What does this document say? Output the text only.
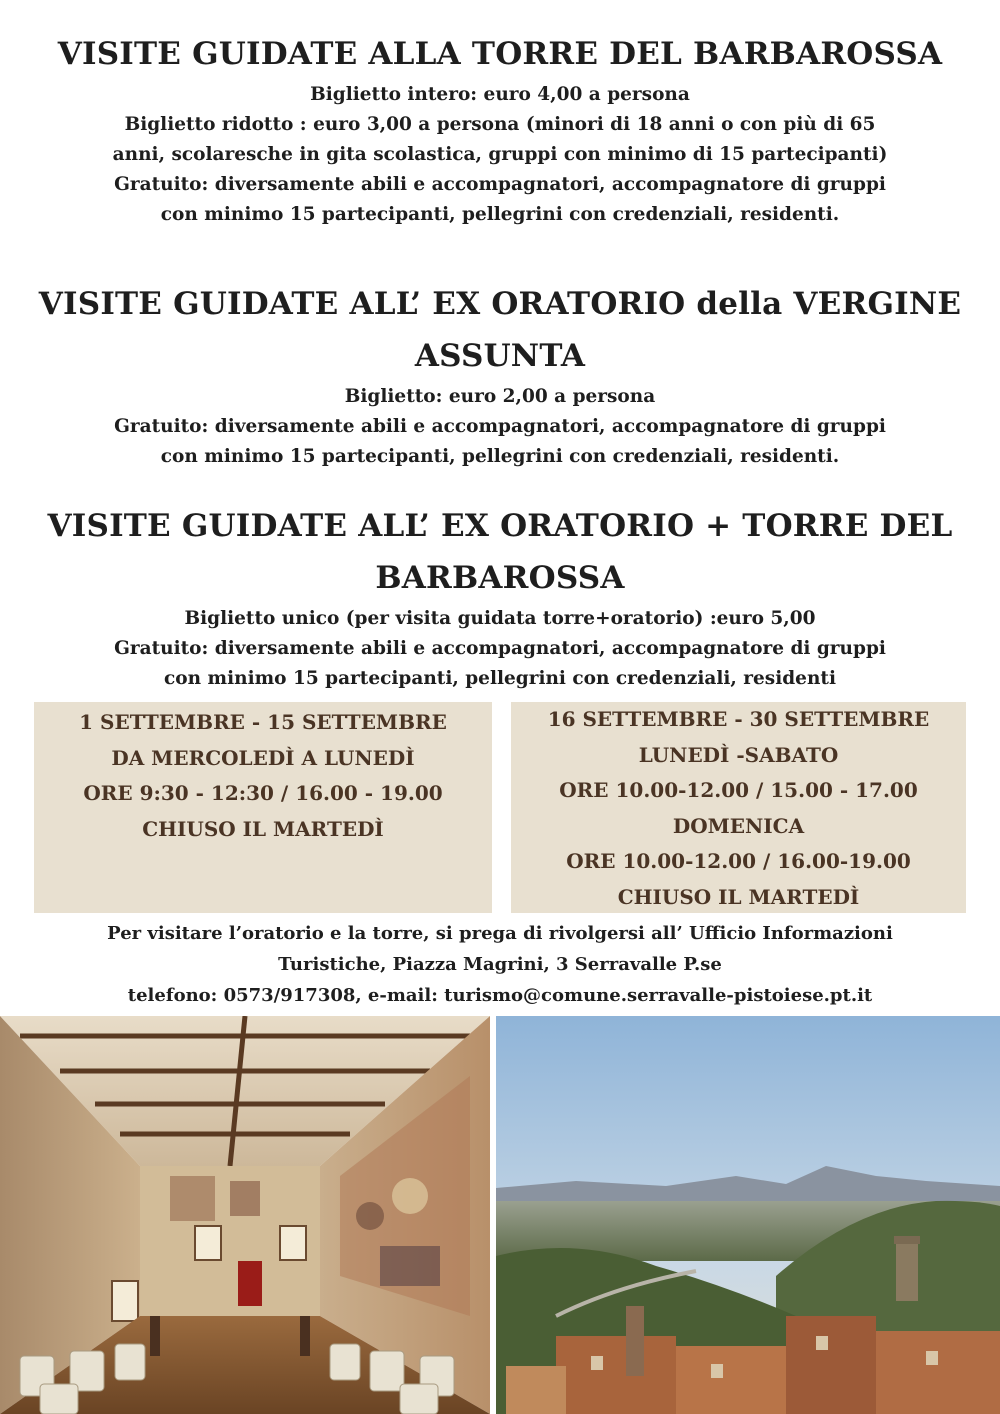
VISITE GUIDATE ALLA TORRE DEL BARBAROSSA
Biglietto intero: euro 4,00 a persona
Biglietto ridotto : euro 3,00 a persona (minori di 18 anni o con più di 65
anni, scolaresche in gita scolastica, gruppi con minimo di 15 partecipanti)
Gratuito: diversamente abili e accompagnatori, accompagnatore di gruppi
con minimo 15 partecipanti, pellegrini con credenziali, residenti.
VISITE GUIDATE ALL’ EX ORATORIO della VERGINE
ASSUNTA
Biglietto: euro 2,00 a persona
Gratuito: diversamente abili e accompagnatori, accompagnatore di gruppi
con minimo 15 partecipanti, pellegrini con credenziali, residenti.
VISITE GUIDATE ALL’ EX ORATORIO + TORRE DEL
BARBAROSSA
Biglietto unico (per visita guidata torre+oratorio) :euro 5,00
Gratuito: diversamente abili e accompagnatori, accompagnatore di gruppi
con minimo 15 partecipanti, pellegrini con credenziali, residenti
1 SETTEMBRE - 15 SETTEMBRE
DA MERCOLEDÌ A LUNEDÌ
ORE 9:30 - 12:30 / 16.00 - 19.00
CHIUSO IL MARTEDÌ
16 SETTEMBRE - 30 SETTEMBRE
LUNEDÌ -SABATO
ORE 10.00-12.00 / 15.00 - 17.00
DOMENICA
ORE 10.00-12.00 / 16.00-19.00
CHIUSO IL MARTEDÌ
Per visitare l’oratorio e la torre, si prega di rivolgersi all’ Ufficio Informazioni
Turistiche, Piazza Magrini, 3 Serravalle P.se
telefono: 0573/917308, e-mail: turismo@comune.serravalle-pistoiese.pt.it
